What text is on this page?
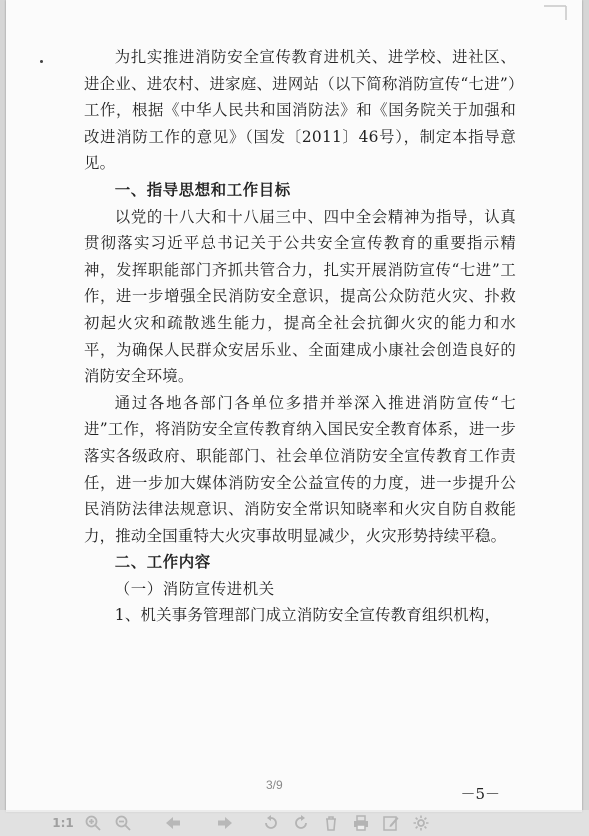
为扎实推进消防安全宣传教育进机关、进学校、进社区、进企业、进农村、进家庭、进网站（以下简称消防宣传“七进”）工作，根据《中华人民共和国消防法》和《国务院关于加强和改进消防工作的意见》（国发〔2011〕46号），制定本指导意见。

一、指导思想和工作目标

以党的十八大和十八届三中、四中全会精神为指导，认真贯彻落实习近平总书记关于公共安全宣传教育的重要指示精神，发挥职能部门齐抓共管合力，扎实开展消防宣传“七进”工作，进一步增强全民消防安全意识，提高公众防范火灾、扑救初起火灾和疏散逃生能力，提高全社会抗御火灾的能力和水平，为确保人民群众安居乐业、全面建成小康社会创造良好的消防安全环境。

通过各地各部门各单位多措并举深入推进消防宣传“七进”工作，将消防安全宣传教育纳入国民安全教育体系，进一步落实各级政府、职能部门、社会单位消防安全宣传教育工作责任，进一步加大媒体消防安全公益宣传的力度，进一步提升公民消防法律法规意识、消防安全常识知晓率和火灾自防自救能力，推动全国重特大火灾事故明显减少，火灾形势持续平稳。

二、工作内容

（一）消防宣传进机关

1、机关事务管理部门成立消防安全宣传教育组织机构，

3/9	－5－
1:1
